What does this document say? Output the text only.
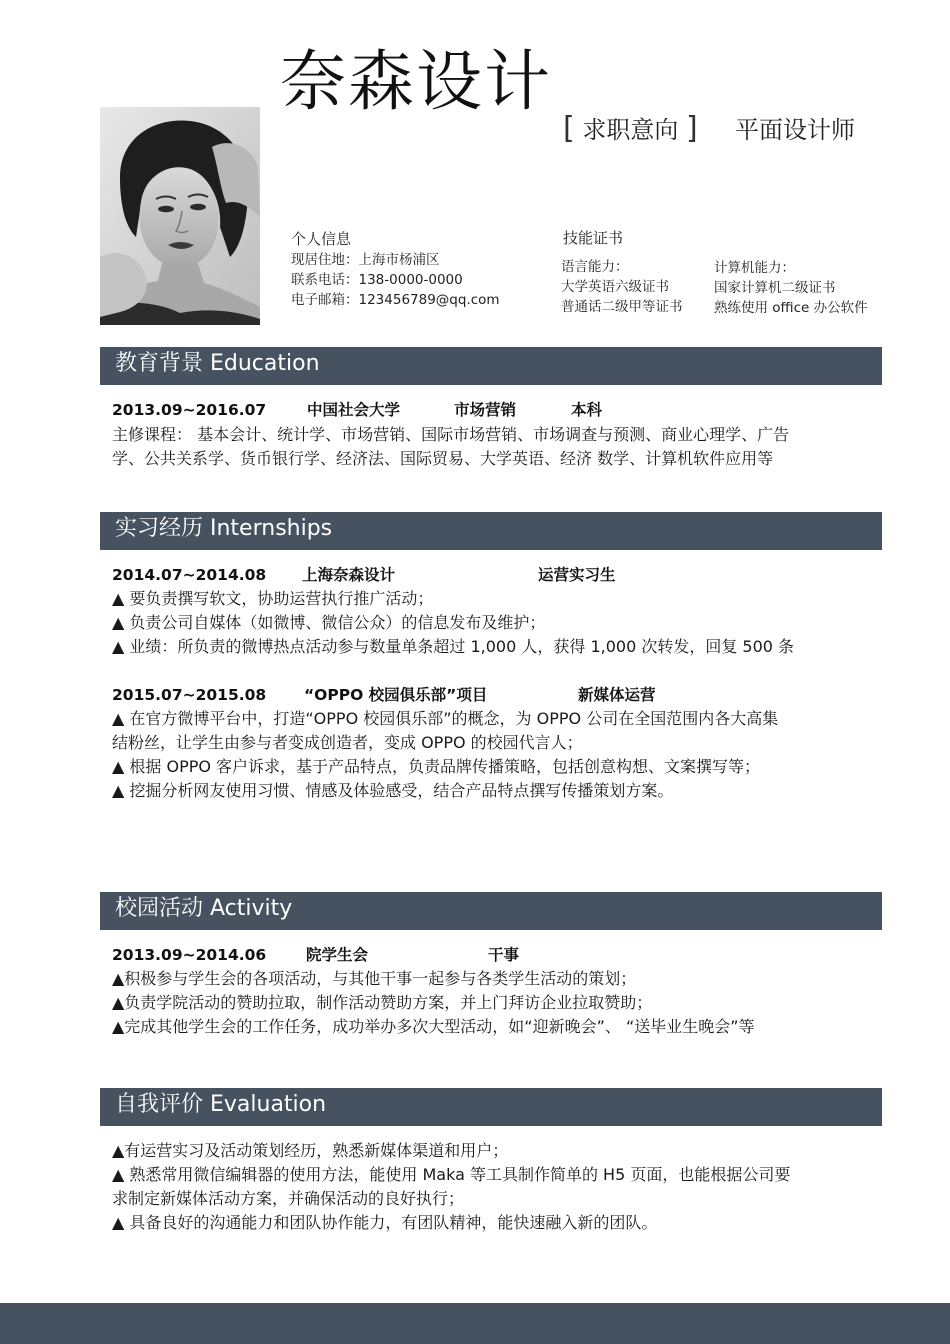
奈森设计
[ 求职意向 ] 平面设计师
个人信息
现居住地：上海市杨浦区
联系电话：138-0000-0000
电子邮箱：123456789@qq.com
技能证书
语言能力：
大学英语六级证书
普通话二级甲等证书
计算机能力：
国家计算机二级证书
熟练使用 office 办公软件
教育背景 Education
2013.09~2016.07	中国社会大学	市场营销	本科
主修课程： 基本会计、统计学、市场营销、国际市场营销、市场调查与预测、商业心理学、广告
学、公共关系学、货币银行学、经济法、国际贸易、大学英语、经济 数学、计算机软件应用等
实习经历 Internships
2014.07~2014.08 上海奈森设计	运营实习生
▲ 要负责撰写软文，协助运营执行推广活动；
▲ 负责公司自媒体（如微博、微信公众）的信息发布及维护；
▲ 业绩：所负责的微博热点活动参与数量单条超过 1,000 人，获得 1,000 次转发，回复 500 条
2015.07~2015.08 “OPPO 校园俱乐部”项目	新媒体运营
▲ 在官方微博平台中，打造“OPPO 校园俱乐部”的概念，为 OPPO 公司在全国范围内各大高集
结粉丝，让学生由参与者变成创造者，变成 OPPO 的校园代言人；
▲ 根据 OPPO 客户诉求，基于产品特点，负责品牌传播策略，包括创意构想、文案撰写等；
▲ 挖掘分析网友使用习惯、情感及体验感受，结合产品特点撰写传播策划方案。
校园活动 Activity
2013.09~2014.06	院学生会	干事
▲积极参与学生会的各项活动，与其他干事一起参与各类学生活动的策划；
▲负责学院活动的赞助拉取，制作活动赞助方案，并上门拜访企业拉取赞助；
▲完成其他学生会的工作任务，成功举办多次大型活动，如“迎新晚会”、 “送毕业生晚会”等
自我评价 Evaluation
▲有运营实习及活动策划经历，熟悉新媒体渠道和用户；
▲ 熟悉常用微信编辑器的使用方法，能使用 Maka 等工具制作简单的 H5 页面，也能根据公司要
求制定新媒体活动方案，并确保活动的良好执行；
▲ 具备良好的沟通能力和团队协作能力，有团队精神，能快速融入新的团队。
